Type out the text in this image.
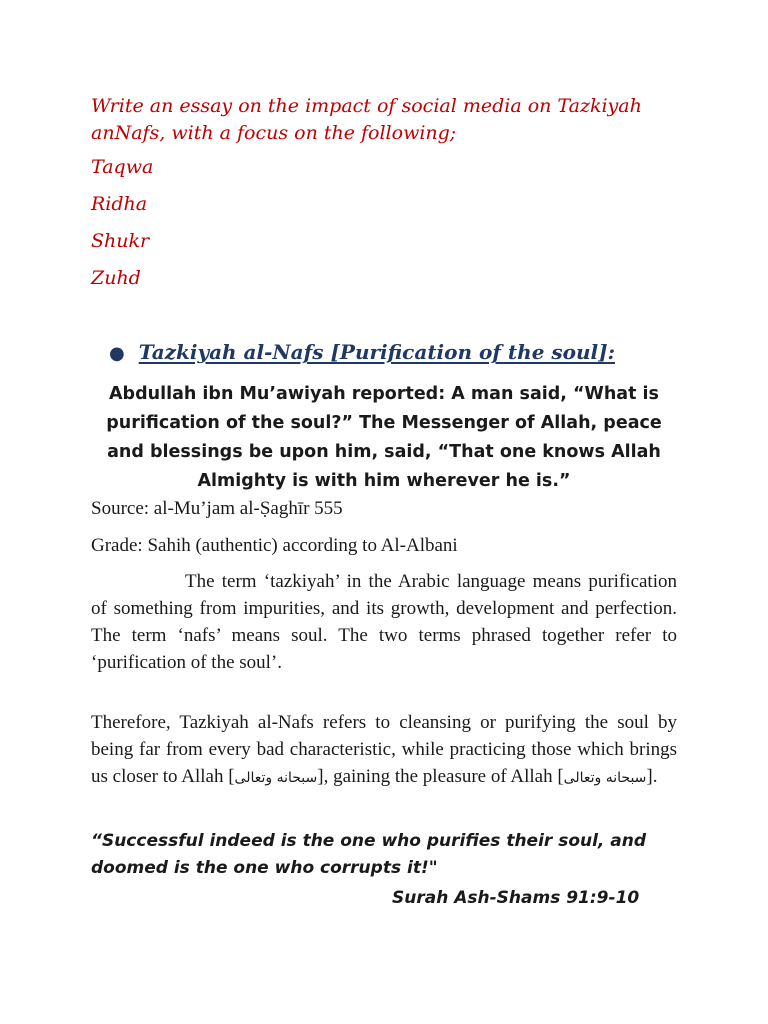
Write an essay on the impact of social media on Tazkiyah anNafs, with a focus on the following;

Taqwa

Ridha

Shukr

Zuhd

● Tazkiyah al-Nafs [Purification of the soul]:

Abdullah ibn Mu’awiyah reported: A man said, “What is purification of the soul?” The Messenger of Allah, peace and blessings be upon him, said, “That one knows Allah Almighty is with him wherever he is.”

Source: al-Mu’jam al-Ṣaghīr 555

Grade: Sahih (authentic) according to Al-Albani

The term ‘tazkiyah’ in the Arabic language means purification of something from impurities, and its growth, development and perfection. The term ‘nafs’ means soul. The two terms phrased together refer to ‘purification of the soul’.

Therefore, Tazkiyah al-Nafs refers to cleansing or purifying the soul by being far from every bad characteristic, while practicing those which brings us closer to Allah [سبحانه وتعالى], gaining the pleasure of Allah [سبحانه وتعالى].

“Successful indeed is the one who purifies their soul, and doomed is the one who corrupts it!"

Surah Ash-Shams 91:9-10
